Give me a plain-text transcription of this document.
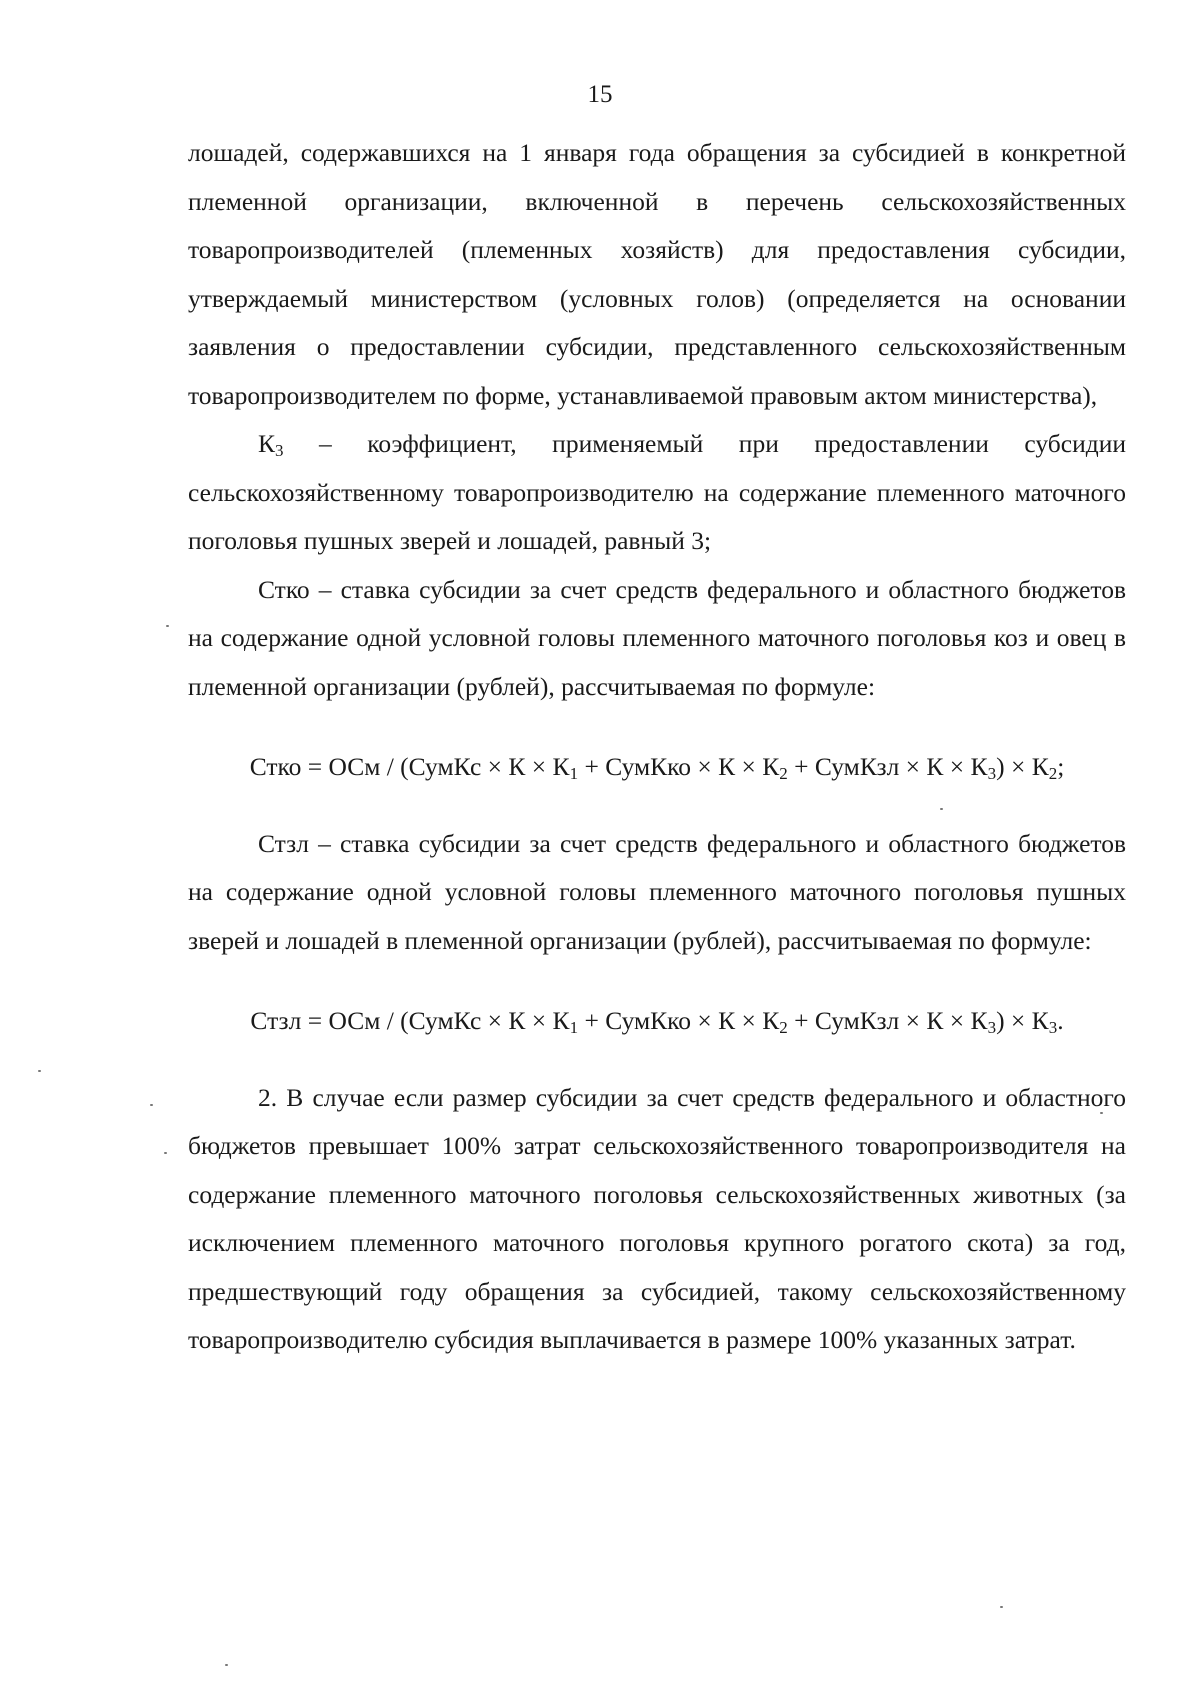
15

лошадей, содержавшихся на 1 января года обращения за субсидией в конкретной племенной организации, включенной в перечень сельскохозяйственных товаропроизводителей (племенных хозяйств) для предоставления субсидии, утверждаемый министерством (условных голов) (определяется на основании заявления о предоставлении субсидии, представленного сельскохозяйственным товаропроизводителем по форме, устанавливаемой правовым актом министерства),

$К_3$ – коэффициент, применяемый при предоставлении субсидии сельскохозяйственному товаропроизводителю на содержание племенного маточного поголовья пушных зверей и лошадей, равный 3;

Стко – ставка субсидии за счет средств федерального и областного бюджетов на содержание одной условной головы племенного маточного поголовья коз и овец в племенной организации (рублей), рассчитываемая по формуле:

Стко = ОСм / (СумКс × $К \times К_1$ + СумКко × $К \times К_2$ + СумКзл × $К \times К_3) \times К_2$;

Стзл – ставка субсидии за счет средств федерального и областного бюджетов на содержание одной условной головы племенного маточного поголовья пушных зверей и лошадей в племенной организации (рублей), рассчитываемая по формуле:

Стзл = ОСм / (СумКс × $К \times К_1$ + СумКко × $К \times К_2$ + СумКзл × $К \times К_3) \times К_3$.

2. В случае если размер субсидии за счет средств федерального и областного бюджетов превышает 100% затрат сельскохозяйственного товаропроизводителя на содержание племенного маточного поголовья сельскохозяйственных животных (за исключением племенного маточного поголовья крупного рогатого скота) за год, предшествующий году обращения за субсидией, такому сельскохозяйственному товаропроизводителю субсидия выплачивается в размере 100% указанных затрат.
